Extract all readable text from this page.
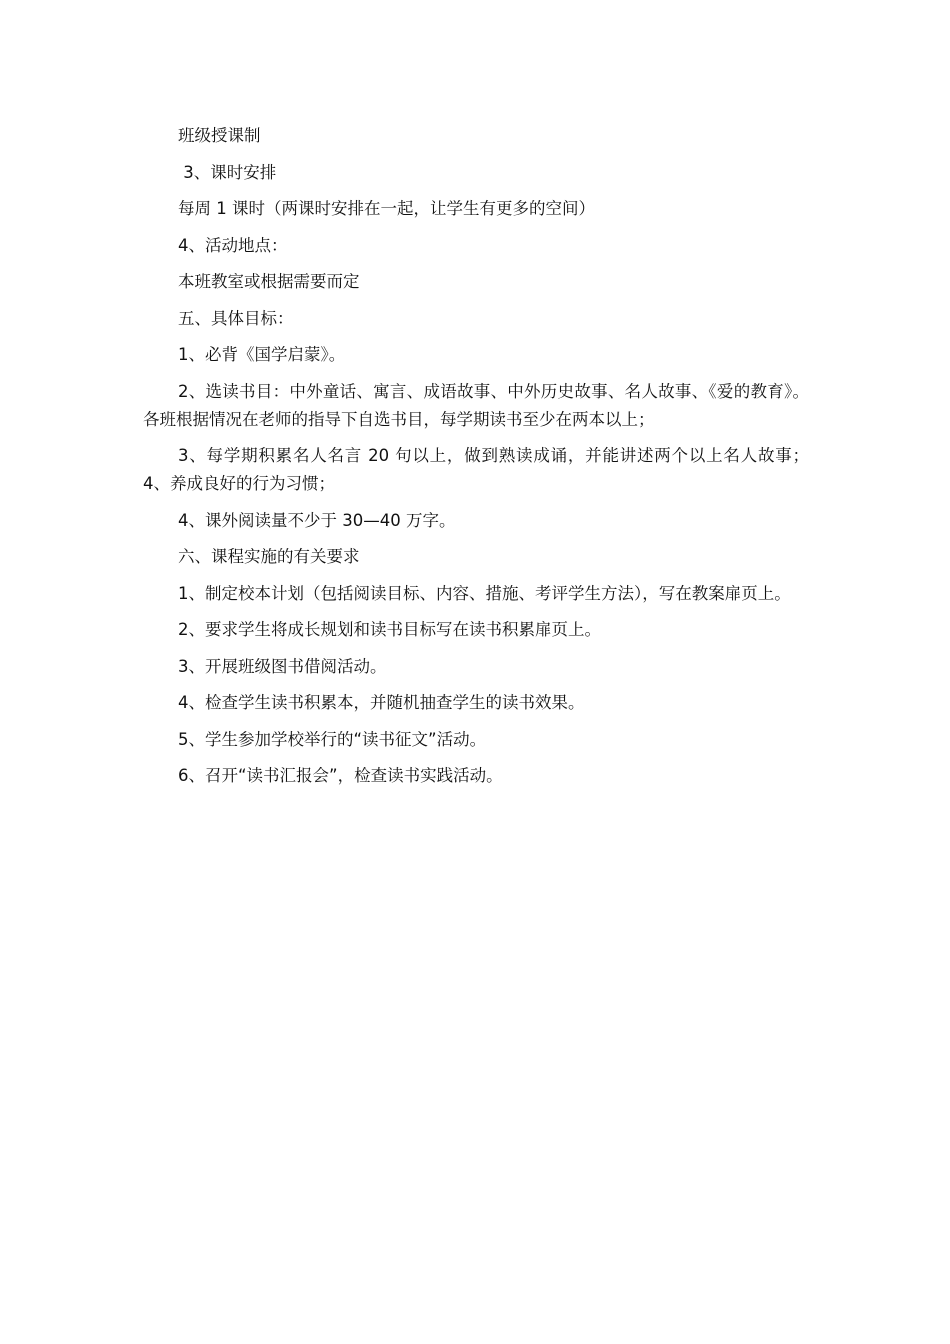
班级授课制

3、课时安排

每周 1 课时（两课时安排在一起，让学生有更多的空间）

4、活动地点：

本班教室或根据需要而定

五、具体目标：

1、必背《国学启蒙》。

2、选读书目：中外童话、寓言、成语故事、中外历史故事、名人故事、《爱的教育》。各班根据情况在老师的指导下自选书目，每学期读书至少在两本以上；

3、每学期积累名人名言 20 句以上，做到熟读成诵，并能讲述两个以上名人故事；    4、养成良好的行为习惯；

4、课外阅读量不少于 30—40 万字。

六、课程实施的有关要求

1、制定校本计划（包括阅读目标、内容、措施、考评学生方法），写在教案扉页上。

2、要求学生将成长规划和读书目标写在读书积累扉页上。

3、开展班级图书借阅活动。

4、检查学生读书积累本，并随机抽查学生的读书效果。

5、学生参加学校举行的“读书征文”活动。

6、召开“读书汇报会”，检查读书实践活动。
